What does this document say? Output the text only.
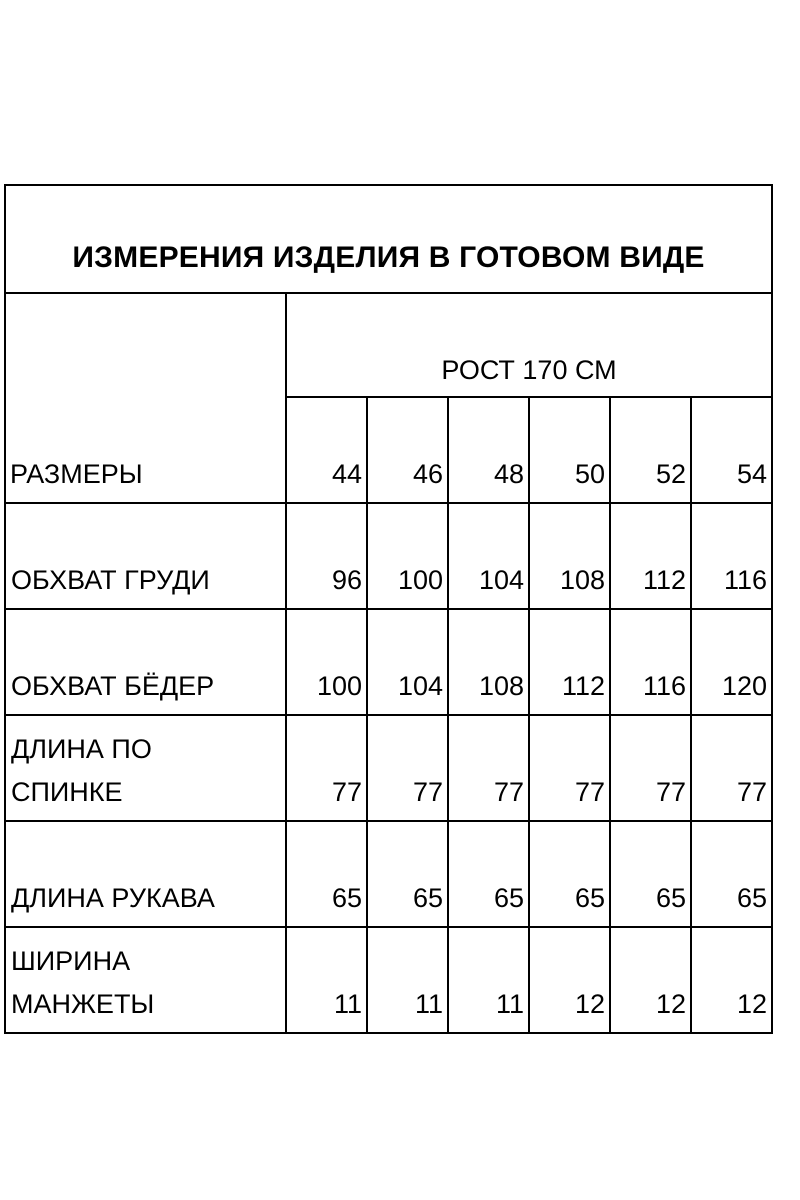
ИЗМЕРЕНИЯ ИЗДЕЛИЯ В ГОТОВОМ ВИДЕ						
РАЗМЕРЫ	РОСТ 170 СМ					
	44	46	48	50	52	54

ОБХВАТ ГРУДИ	96	100	104	108	112	116

ОБХВАТ БЁДЕР	100	104	108	112	116	120

ДЛИНА ПО
СПИНКЕ	77	77	77	77	77	77

ДЛИНА РУКАВА	65	65	65	65	65	65

ШИРИНА
МАНЖЕТЫ	11	11	11	12	12	12
